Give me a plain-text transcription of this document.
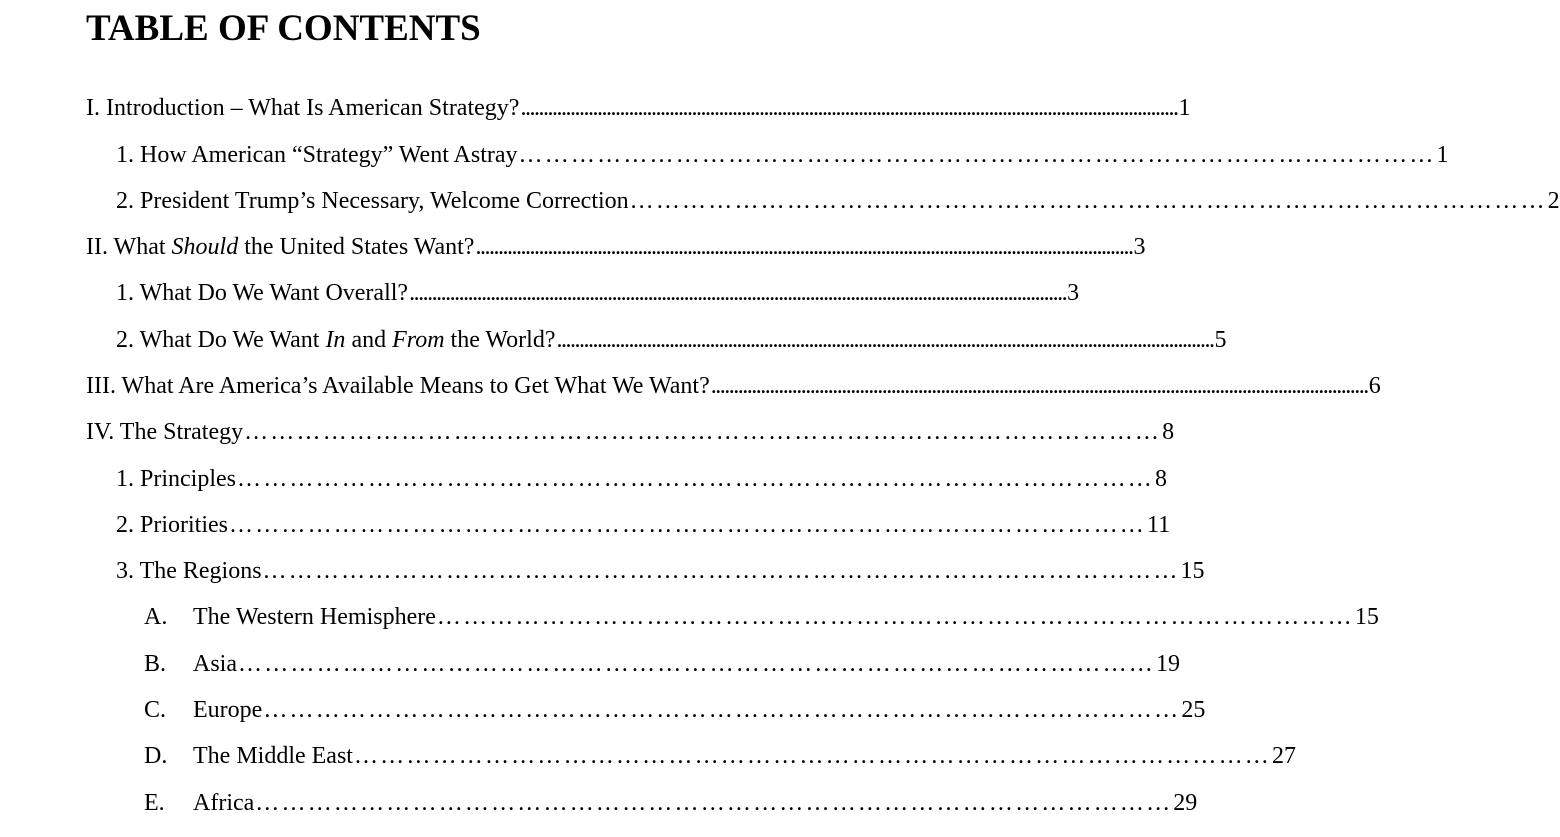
TABLE OF CONTENTS
I. Introduction – What Is American Strategy? .................................................................................................................................................. 1
1. How American “Strategy” Went Astray …………………………………………………………………………………………… 1
2. President Trump’s Necessary, Welcome Correction …………………………………………………………………………………………… 2
II. What Should the United States Want? .................................................................................................................................................. 3
1. What Do We Want Overall? .................................................................................................................................................. 3
2. What Do We Want In and From the World? .................................................................................................................................................. 5
III. What Are America’s Available Means to Get What We Want? .................................................................................................................................................. 6
IV. The Strategy …………………………………………………………………………………………… 8
1. Principles …………………………………………………………………………………………… 8
2. Priorities …………………………………………………………………………………………… 11
3. The Regions …………………………………………………………………………………………… 15
A. The Western Hemisphere …………………………………………………………………………………………… 15
B. Asia …………………………………………………………………………………………… 19
C. Europe …………………………………………………………………………………………… 25
D. The Middle East …………………………………………………………………………………………… 27
E. Africa …………………………………………………………………………………………… 29
